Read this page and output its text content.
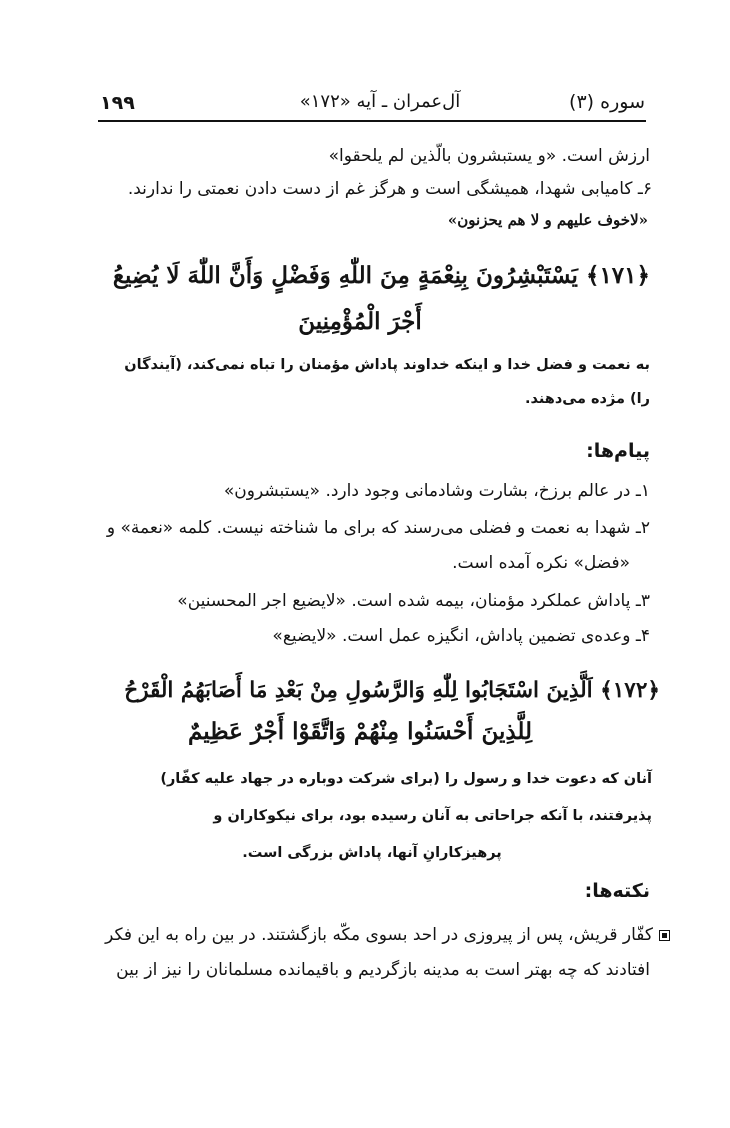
۱۹۹	آل‌عمران ـ آیه «۱۷۲»	سوره (۳)
ارزش است. «و یستبشرون بالّذین لم یلحقوا»
۶ـ کامیابی شهدا، همیشگی است و هرگز غم از دست دادن نعمتی را ندارند.
«لاخوف علیهم و لا هم یحزنون»
﴿۱۷۱﴾ يَسْتَبْشِرُونَ بِنِعْمَةٍ مِنَ اللّٰهِ وَفَضْلٍ وَأَنَّ اللّٰهَ لَا يُضِيعُ
أَجْرَ الْمُؤْمِنِينَ
به نعمت و فضل خدا و اینکه خداوند پاداش مؤمنان را تباه نمی‌کند، (آیندگان
را) مژده می‌دهند.
پیام‌ها:
۱ـ در عالم برزخ، بشارت وشادمانی وجود دارد. «یستبشرون»
۲ـ شهدا به نعمت و فضلی می‌رسند که برای ما شناخته نیست. کلمه «نعمة» و
«فضل» نکره آمده است.
۳ـ پاداش عملکرد مؤمنان، بیمه شده است. «لایضیع اجر المحسنین»
۴ـ وعده‌ی تضمین پاداش، انگیزه عمل است. «لایضیع»
﴿۱۷۲﴾ اَلَّذِينَ اسْتَجَابُوا لِلّٰهِ وَالرَّسُولِ مِنْ بَعْدِ مَا أَصَابَهُمُ الْقَرْحُ
لِلَّذِينَ أَحْسَنُوا مِنْهُمْ وَاتَّقَوْا أَجْرٌ عَظِيمٌ
آنان که دعوت خدا و رسول را (برای شرکت دوباره در جهاد علیه کفّار)
پذیرفتند، با آنکه جراحاتی به آنان رسیده بود، برای نیکوکاران و
پرهیزکارانِ آنها، پاداش بزرگی است.
نکته‌ها:
کفّار قریش، پس از پیروزی در احد بسوی مکّه بازگشتند. در بین راه به این فکر
افتادند که چه بهتر است به مدینه بازگردیم و باقیمانده مسلمانان را نیز از بین
